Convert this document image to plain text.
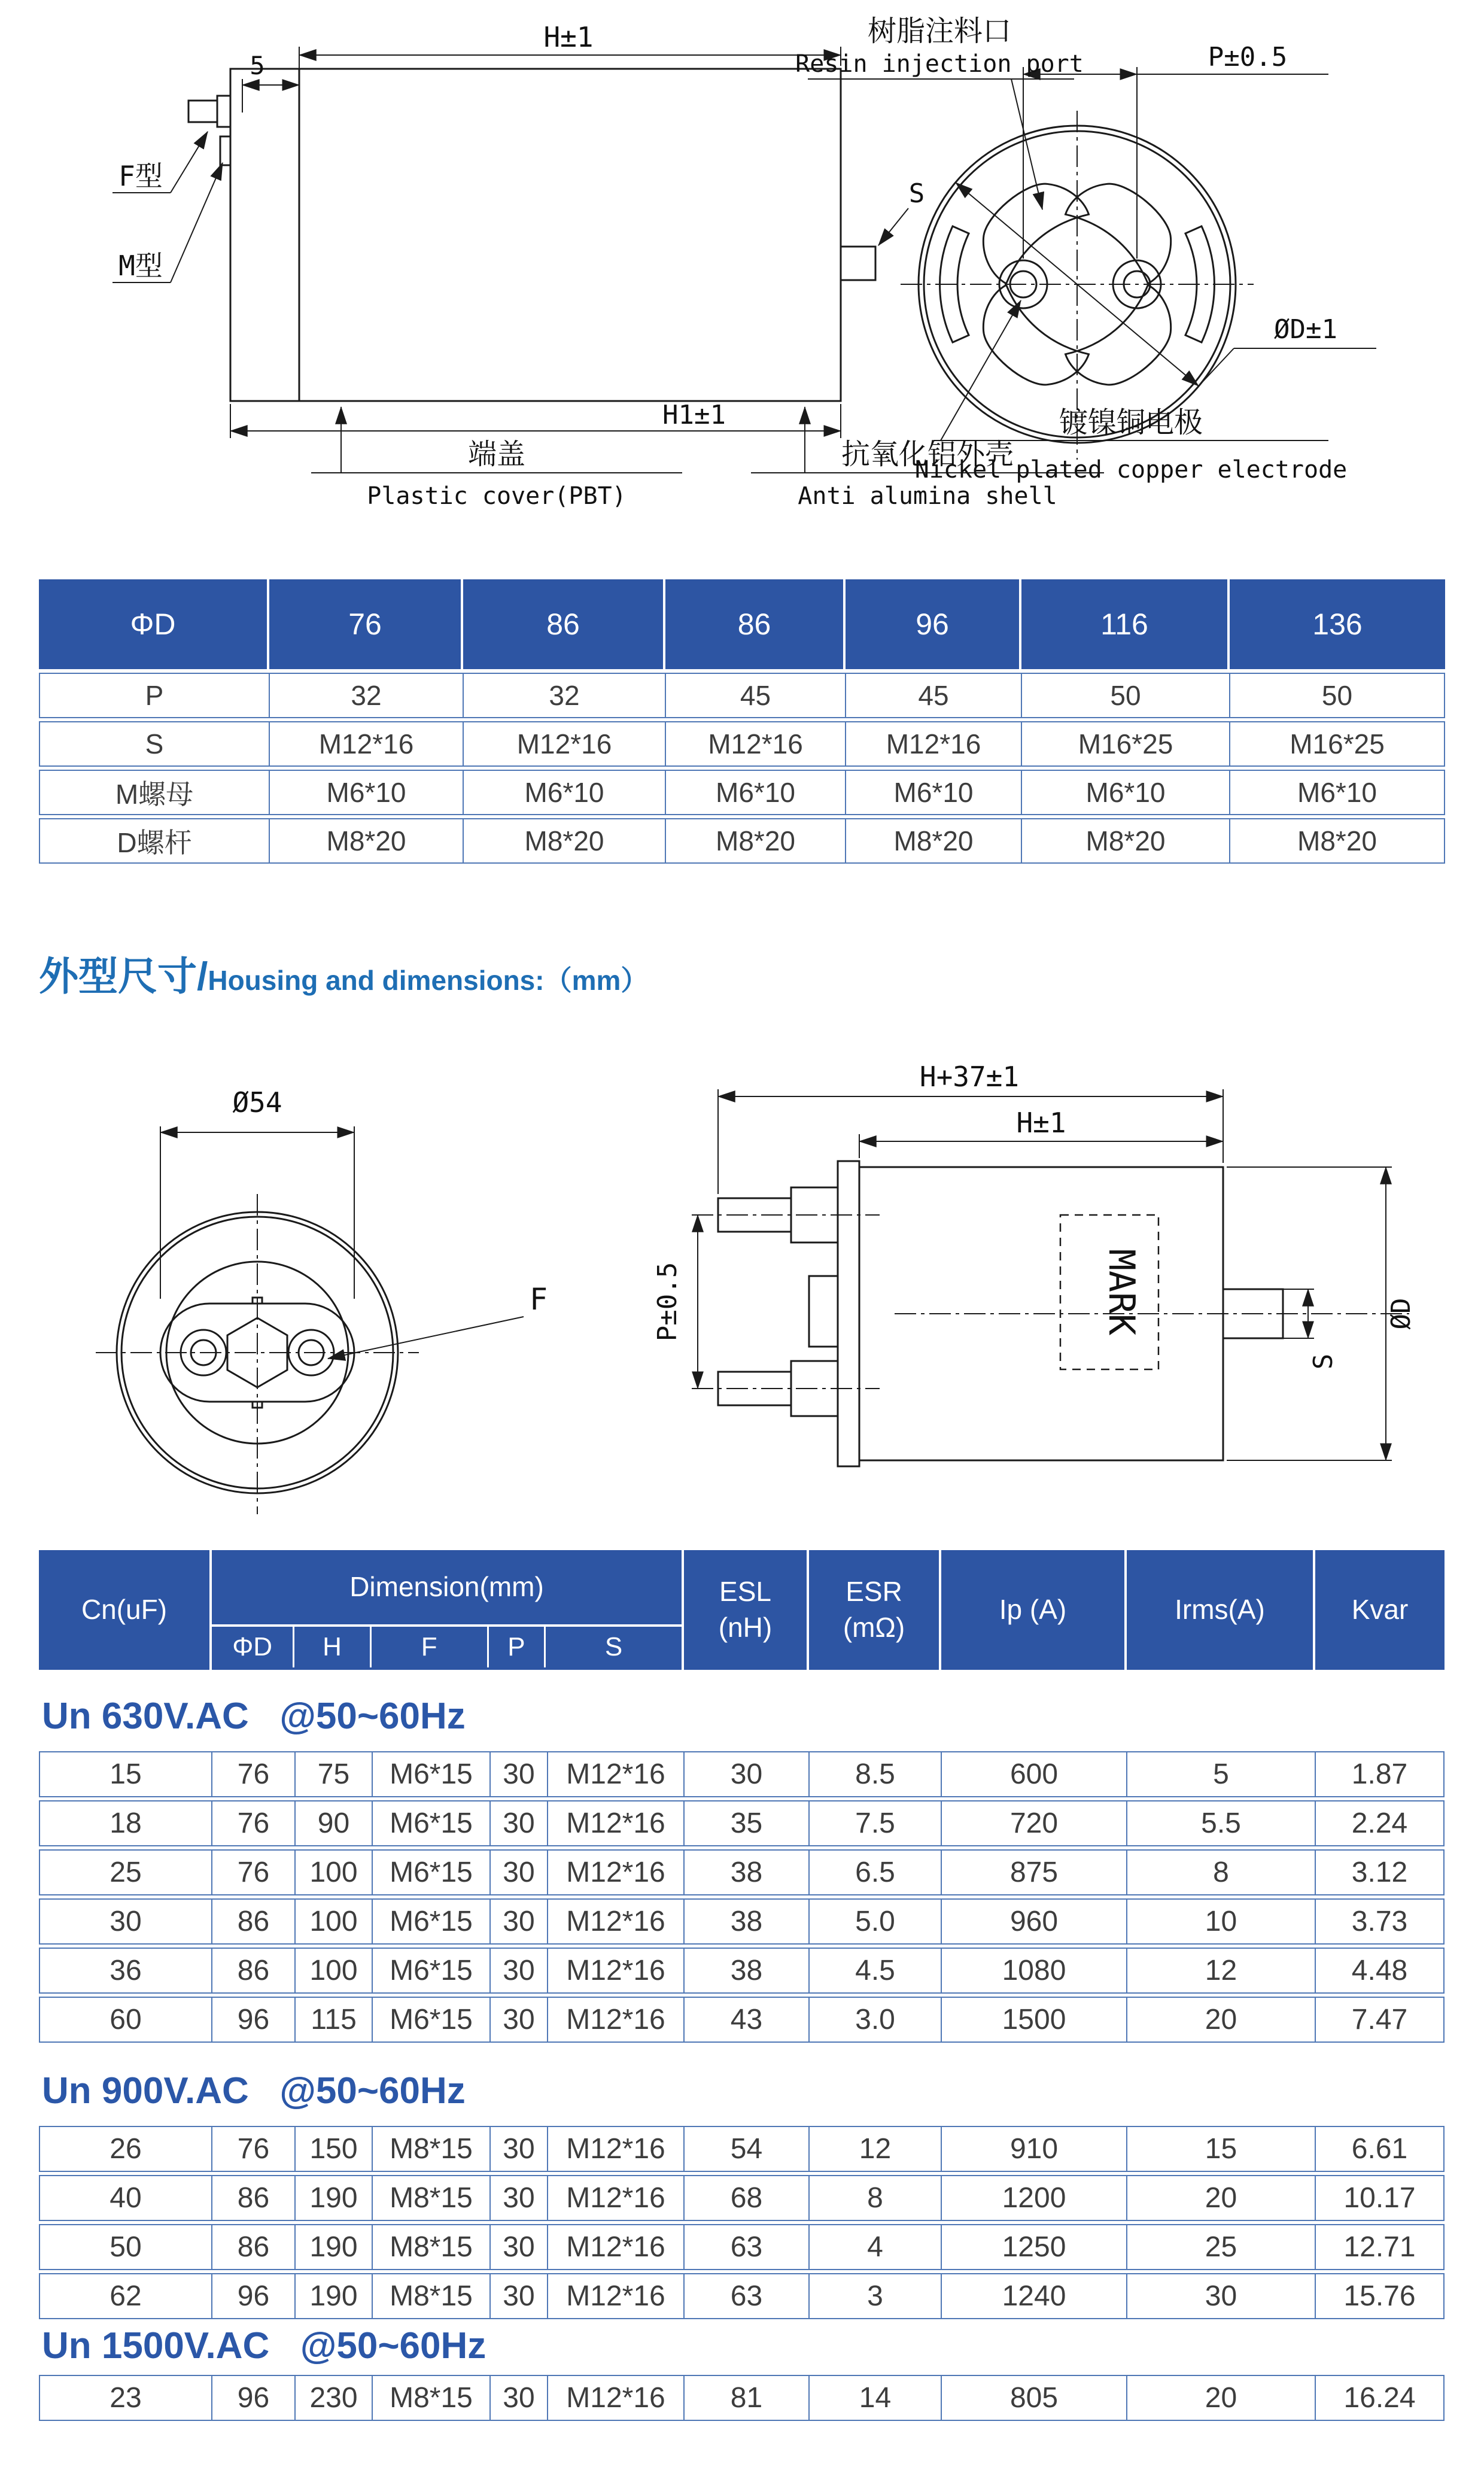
H±1
5
F型
M型
H1±1
S
端盖
Plastic cover(PBT)
抗氧化铝外壳
Anti alumina shell
树脂注料口
Resin injection port	P±0.5
ØD±1
镀镍铜电极
Nickel plated copper electrode
ΦD	76	86	86	96	116	136
P	32	32	45	45	50	50
S	M12*16	M12*16	M12*16	M12*16	M16*25	M16*25
M螺母	M6*10	M6*10	M6*10	M6*10	M6*10	M6*10
D螺杆	M8*20	M8*20	M8*20	M8*20	M8*20	M8*20
外型尺寸 / Housing and dimensions:（mm）
Ø54
F
H+37±1
H±1
P±0.5	MARK
S
ØD
Cn(uF)
Dimension(mm)
ΦD	H	F	P	S
ESL
(nH)
ESR
(mΩ)
Ip (A)	Irms(A)	Kvar
Un 630V.AC   @50~60Hz
15	76	75	M6*15	30	M12*16	30	8.5	600	5	1.87
18	76	90	M6*15	30	M12*16	35	7.5	720	5.5	2.24
25	76	100	M6*15	30	M12*16	38	6.5	875	8	3.12
30	86	100	M6*15	30	M12*16	38	5.0	960	10	3.73
36	86	100	M6*15	30	M12*16	38	4.5	1080	12	4.48
60	96	115	M6*15	30	M12*16	43	3.0	1500	20	7.47
Un 900V.AC   @50~60Hz
26	76	150	M8*15	30	M12*16	54	12	910	15	6.61
40	86	190	M8*15	30	M12*16	68	8	1200	20	10.17
50	86	190	M8*15	30	M12*16	63	4	1250	25	12.71
62	96	190	M8*15	30	M12*16	63	3	1240	30	15.76
Un 1500V.AC   @50~60Hz
23	96	230	M8*15	30	M12*16	81	14	805	20	16.24
